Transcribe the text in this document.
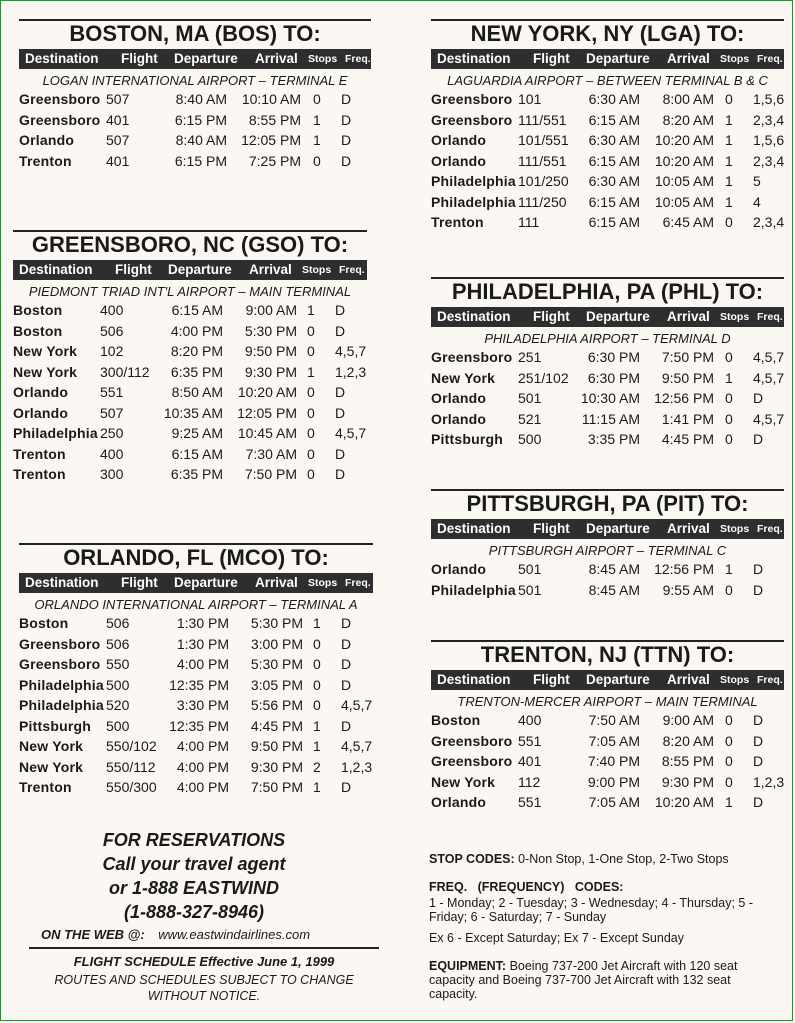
BOSTON, MA (BOS) TO:
Destination Flight Departure Arrival Stops Freq.
LOGAN INTERNATIONAL AIRPORT – TERMINAL E
Greensboro 507	8:40 AM 10:10 AM 0 D
Greensboro 401	6:15 PM 8:55 PM 1 D
Orlando 507	8:40 AM 12:05 PM 1 D
Trenton 401	6:15 PM 7:25 PM 0 D
GREENSBORO, NC (GSO) TO:
Destination Flight Departure Arrival Stops Freq.
PIEDMONT TRIAD INT'L AIRPORT – MAIN TERMINAL
Boston	400	6:15 AM 9:00 AM 1 D
Boston	506	4:00 PM 5:30 PM 0 D
New York 102	8:20 PM 9:50 PM 0 4,5,7
New York 300/112 6:35 PM 9:30 PM 1 1,2,3
Orlando 551	8:50 AM 10:20 AM 0 D
Orlando 507	10:35 AM 12:05 PM 0 D
Philadelphia 250	9:25 AM 10:45 AM 0 4,5,7
Trenton 400	6:15 AM 7:30 AM 0 D
Trenton 300	6:35 PM 7:50 PM 0 D
ORLANDO, FL (MCO) TO:
Destination Flight Departure Arrival Stops Freq.
ORLANDO INTERNATIONAL AIRPORT – TERMINAL A
Boston	506	1:30 PM 5:30 PM 1 D
Greensboro 506	1:30 PM 3:00 PM 0 D
Greensboro 550	4:00 PM 5:30 PM 0 D
Philadelphia 500	12:35 PM 3:05 PM 0 D
Philadelphia 520	3:30 PM 5:56 PM 0 4,5,7
Pittsburgh 500	12:35 PM 4:45 PM 1 D
New York 550/102 4:00 PM 9:50 PM 1 4,5,7
New York 550/112 4:00 PM 9:30 PM 2 1,2,3
Trenton 550/300 4:00 PM 7:50 PM 1 D
NEW YORK, NY (LGA) TO:
Destination Flight Departure Arrival Stops Freq.
LAGUARDIA AIRPORT – BETWEEN TERMINAL B & C
Greensboro 101	6:30 AM 8:00 AM 0 1,5,6
Greensboro 111/551 6:15 AM 8:20 AM 1 2,3,4
Orlando 101/551 6:30 AM 10:20 AM 1 1,5,6
Orlando 111/551 6:15 AM 10:20 AM 1 2,3,4
Philadelphia 101/250 6:30 AM 10:05 AM 1 5
Philadelphia 111/250 6:15 AM 10:05 AM 1 4
Trenton 111	6:15 AM 6:45 AM 0 2,3,4
PHILADELPHIA, PA (PHL) TO:
Destination Flight Departure Arrival Stops Freq.
PHILADELPHIA AIRPORT – TERMINAL D
Greensboro 251	6:30 PM 7:50 PM 0 4,5,7
New York 251/102 6:30 PM 9:50 PM 1 4,5,7
Orlando 501	10:30 AM 12:56 PM 0 D
Orlando 521	11:15 AM 1:41 PM 0 4,5,7
Pittsburgh 500	3:35 PM 4:45 PM 0 D
PITTSBURGH, PA (PIT) TO:
Destination Flight Departure Arrival Stops Freq.
PITTSBURGH AIRPORT – TERMINAL C
Orlando 501	8:45 AM 12:56 PM 1 D
Philadelphia 501	8:45 AM 9:55 AM 0 D
TRENTON, NJ (TTN) TO:
Destination Flight Departure Arrival Stops Freq.
TRENTON-MERCER AIRPORT – MAIN TERMINAL
Boston	400	7:50 AM 9:00 AM 0 D
Greensboro 551	7:05 AM 8:20 AM 0 D
Greensboro 401	7:40 PM 8:55 PM 0 D
New York 112	9:00 PM 9:30 PM 0 1,2,3
Orlando 551	7:05 AM 10:20 AM 1 D
FOR RESERVATIONS
Call your travel agent
or 1-888 EASTWIND
(1-888-327-8946)
ON THE WEB @: www.eastwindairlines.com
FLIGHT SCHEDULE Effective June 1, 1999
ROUTES AND SCHEDULES SUBJECT TO CHANGE
WITHOUT NOTICE.
STOP CODES: 0-Non Stop, 1-One Stop, 2-Two Stops
FREQ.   (FREQUENCY)   CODES:
1 - Monday; 2 - Tuesday; 3 - Wednesday; 4 - Thursday; 5 - Friday; 6 - Saturday; 7 - Sunday
Ex 6 - Except Saturday; Ex 7 - Except Sunday
EQUIPMENT: Boeing 737-200 Jet Aircraft with 120 seat capacity and Boeing 737-700 Jet Aircraft with 132 seat capacity.
